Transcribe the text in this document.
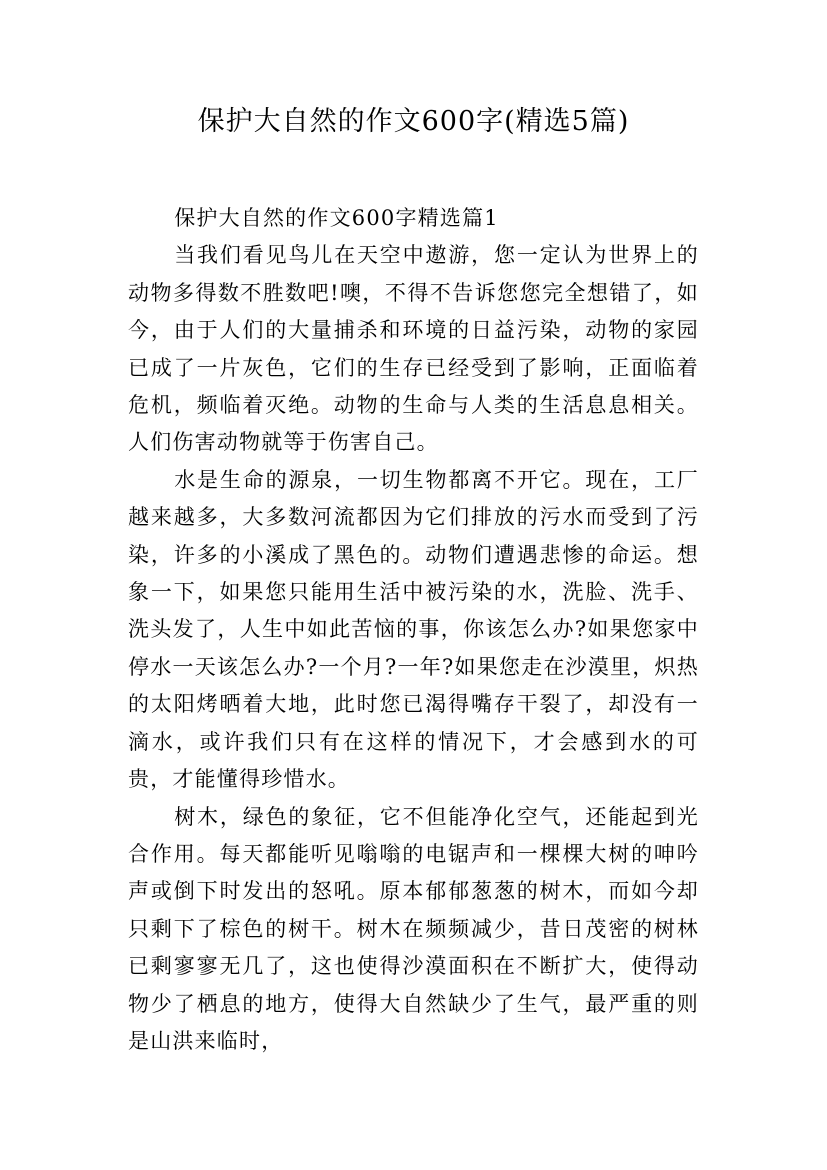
保护大自然的作文600字(精选5篇)

保护大自然的作文600字精选篇1

当我们看见鸟儿在天空中遨游，您一定认为世界上的动物多得数不胜数吧!噢，不得不告诉您您完全想错了，如今，由于人们的大量捕杀和环境的日益污染，动物的家园已成了一片灰色，它们的生存已经受到了影响，正面临着危机，频临着灭绝。动物的生命与人类的生活息息相关。人们伤害动物就等于伤害自己。

水是生命的源泉，一切生物都离不开它。现在，工厂越来越多，大多数河流都因为它们排放的污水而受到了污染，许多的小溪成了黑色的。动物们遭遇悲惨的命运。想象一下，如果您只能用生活中被污染的水，洗脸、洗手、洗头发了，人生中如此苦恼的事，你该怎么办?如果您家中停水一天该怎么办?一个月?一年?如果您走在沙漠里，炽热的太阳烤晒着大地，此时您已渴得嘴存干裂了，却没有一滴水，或许我们只有在这样的情况下，才会感到水的可贵，才能懂得珍惜水。

树木，绿色的象征，它不但能净化空气，还能起到光合作用。每天都能听见嗡嗡的电锯声和一棵棵大树的呻吟声或倒下时发出的怒吼。原本郁郁葱葱的树木，而如今却只剩下了棕色的树干。树木在频频减少，昔日茂密的树林已剩寥寥无几了，这也使得沙漠面积在不断扩大，使得动物少了栖息的地方，使得大自然缺少了生气，最严重的则是山洪来临时，
